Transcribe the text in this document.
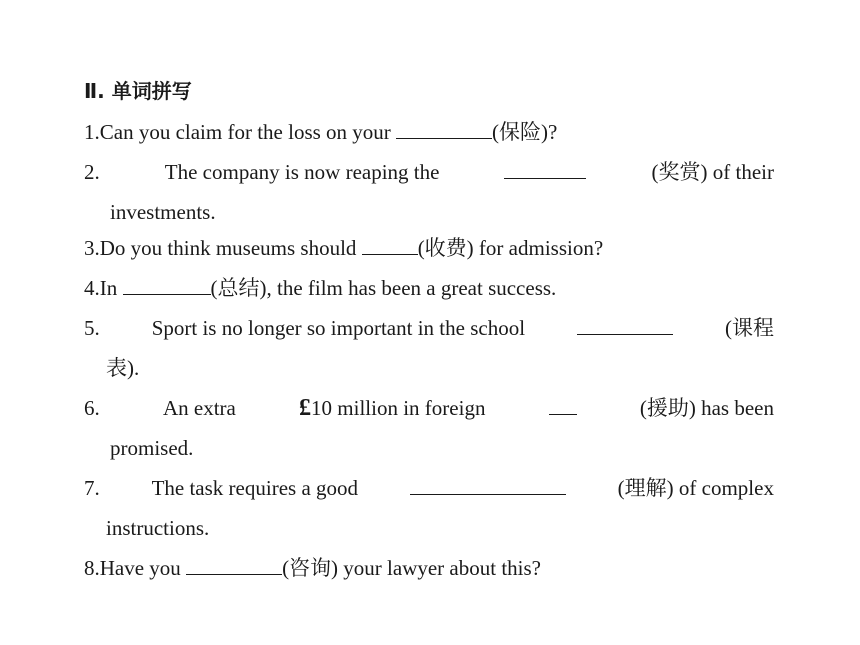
Ⅱ. 单词拼写
1.Can you claim for the loss on your	(保险)?
2.	The company is now reaping the	(奖赏) of their
investments.
3.Do you think museums should	(收费) for admission?
4.In	(总结), the film has been a great success.
5. Sport is no longer so important in the school	(课程
表).
6.	An extra	£10 million in foreign	(援助) has been
promised.
7. The task requires a good	(理解) of complex
instructions.
8.Have you	(咨询) your lawyer about this?
